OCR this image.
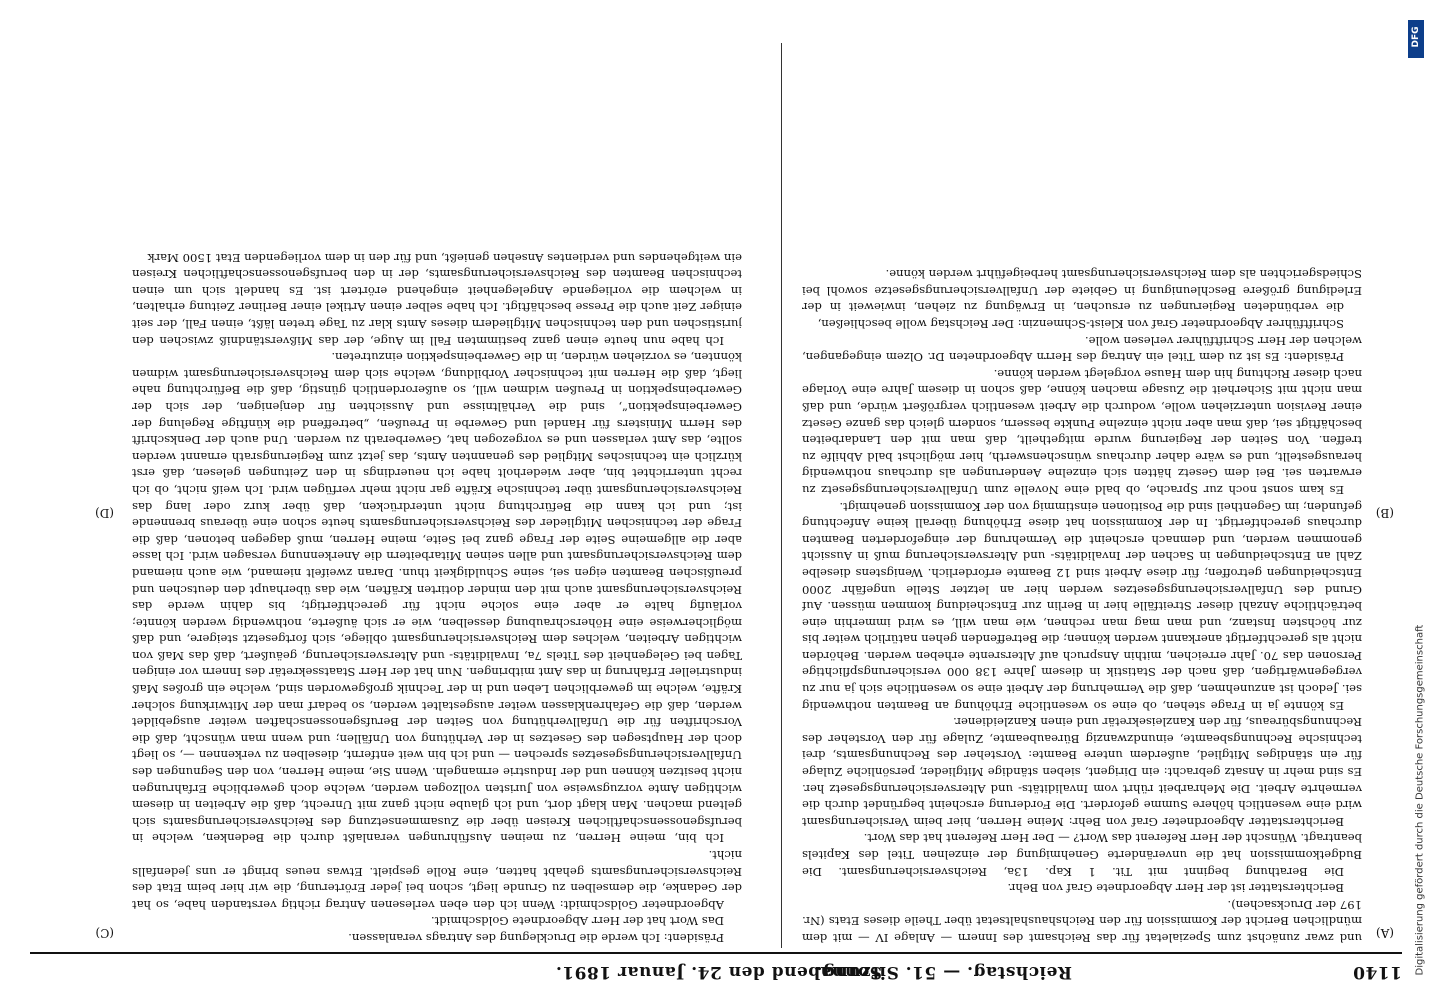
1140
Reichstag. — 51. Sitzung.
Sonnabend den 24. Januar 1891.
(A)
(B)
(C)
(D)

und zwar zunächst zum Spezialetat für das Reichsamt des Innern — Anlage IV — mit dem mündlichen Bericht der Kommission für den Reichshaushaltsetat über Theile dieses Etats (Nr. 197 der Drucksachen).

Berichterstatter ist der Herr Abgeordnete Graf von Behr.

Die Berathung beginnt mit Tit. 1 Kap. 13a, Reichsversicherungsamt. Die Budgetkommission hat die unveränderte Genehmigung der einzelnen Titel des Kapitels beantragt. Wünscht der Herr Referent das Wort? — Der Herr Referent hat das Wort.

Berichterstatter Abgeordneter Graf von Behr: Meine Herren, hier beim Versicherungsamt wird eine wesentlich höhere Summe gefordert. Die Forderung erscheint begründet durch die vermehrte Arbeit. Die Mehrarbeit rührt vom Invaliditäts- und Altersversicherungsgesetz her. Es sind mehr in Ansatz gebracht: ein Dirigent, sieben ständige Mitglieder, persönliche Zulage für ein ständiges Mitglied, außerdem untere Beamte: Vorsteher des Rechnungsamts, drei technische Rechnungsbeamte, einundzwanzig Büreaubeamte, Zulage für den Vorsteher des Rechnungsbüreaus, für den Kanzleisekretär und einen Kanzleidiener.

Es könnte ja in Frage stehen, ob eine so wesentliche Erhöhung an Beamten nothwendig sei. Jedoch ist anzunehmen, daß die Vermehrung der Arbeit eine so wesentliche sich ja nur zu vergegenwärtigen, daß nach der Statistik in diesem Jahre 138 000 versicherungspflichtige Personen das 70. Jahr erreichen, mithin Anspruch auf Altersrente erheben werden. Behörden nicht als gerechtfertigt anerkannt werden können; die Betreffenden gehen natürlich weiter bis zur höchsten Instanz, und man mag man rechnen, wie man will, es wird immerhin eine beträchtliche Anzahl dieser Streitfälle hier in Berlin zur Entscheidung kommen müssen. Auf Grund des Unfallversicherungsgesetzes werden hier an letzter Stelle ungefähr 2000 Entscheidungen getroffen; für diese Arbeit sind 12 Beamte erforderlich. Wenigstens dieselbe Zahl an Entscheidungen in Sachen der Invaliditäts- und Altersversicherung muß in Aussicht genommen werden, und demnach erscheint die Vermehrung der eingeforderten Beamten durchaus gerechtfertigt. In der Kommission hat diese Erhöhung überall keine Anfechtung gefunden; im Gegentheil sind die Positionen einstimmig von der Kommission genehmigt.

Es kam sonst noch zur Sprache, ob bald eine Novelle zum Unfallversicherungsgesetz zu erwarten sei. Bei dem Gesetz hätten sich einzelne Aenderungen als durchaus nothwendig herausgestellt, und es wäre daher durchaus wünschenswerth, hier möglichst bald Abhilfe zu treffen. Von Seiten der Regierung wurde mitgetheilt, daß man mit den Landarbeiten beschäftigt sei, daß man aber nicht einzelne Punkte bessern, sondern gleich das ganze Gesetz einer Revision unterziehen wolle, wodurch die Arbeit wesentlich vergrößert würde, und daß man nicht mit Sicherheit die Zusage machen könne, daß schon in diesem Jahre eine Vorlage nach dieser Richtung hin dem Hause vorgelegt werden könne.

Präsident: Es ist zu dem Titel ein Antrag des Herrn Abgeordneten Dr. Olzem eingegangen, welchen der Herr Schriftführer verlesen wolle.

Schriftführer Abgeordneter Graf von Kleist-Schmenzin: Der Reichstag wolle beschließen,

die verbündeten Regierungen zu ersuchen, in Erwägung zu ziehen, inwieweit in der Erledigung größere Beschleunigung in Gebiete der Unfallversicherungsgesetze sowohl bei Schiedsgerichten als dem Reichsversicherungsamt herbeigeführt werden könne.

Präsident: Ich werde die Drucklegung des Antrags veranlassen.

Das Wort hat der Herr Abgeordnete Goldschmidt.

Abgeordneter Goldschmidt: Wenn ich den eben verlesenen Antrag richtig verstanden habe, so hat der Gedanke, die demselben zu Grunde liegt, schon bei jeder Erörterung, die wir hier beim Etat des Reichsversicherungsamts gehabt hatten, eine Rolle gespielt. Etwas neues bringt er uns jedenfalls nicht.

Ich bin, meine Herren, zu meinen Ausführungen veranlaßt durch die Bedenken, welche in berufsgenossenschaftlichen Kreisen über die Zusammensetzung des Reichsversicherungsamts sich geltend machen. Man klagt dort, und ich glaube nicht ganz mit Unrecht, daß die Arbeiten in diesem wichtigen Amte vorzugsweise von Juristen vollzogen werden, welche doch gewerbliche Erfahrungen nicht besitzen können und der Industrie ermangeln. Wenn Sie, meine Herren, von den Segnungen des Unfallversicherungsgesetzes sprechen — und ich bin weit entfernt, dieselben zu verkennen —, so liegt doch der Hauptsegen des Gesetzes in der Verhütung von Unfällen; und wenn man wünscht, daß die Vorschriften für die Unfallverhütung von Seiten der Berufsgenossenschaften weiter ausgebildet werden, daß die Gefahrenklassen weiter ausgestaltet werden, so bedarf man der Mitwirkung solcher Kräfte, welche im gewerblichen Leben und in der Technik großgeworden sind, welche ein großes Maß industrieller Erfahrung in das Amt mitbringen. Nun hat der Herr Staatssekretär des Innern vor einigen Tagen bei Gelegenheit des Titels 7a, Invaliditäts- und Altersversicherung, geäußert, daß das Maß von wichtigen Arbeiten, welches dem Reichsversicherungsamt obliege, sich fortgesetzt steigere, und daß möglicherweise eine Höherschraubung desselben, wie er sich äußerte, nothwendig werden könnte; vorläufig halte er aber eine solche nicht für gerechtfertigt; bis dahin werde das Reichsversicherungsamt auch mit den minder dotirten Kräften, wie das überhaupt den deutschen und preußischen Beamten eigen sei, seine Schuldigkeit thun. Daran zweifelt niemand, wie auch niemand dem Reichsversicherungsamt und allen seinen Mitarbeitern die Anerkennung versagen wird. Ich lasse aber die allgemeine Seite der Frage ganz bei Seite, meine Herren, muß dagegen betonen, daß die Frage der technischen Mitglieder des Reichsversicherungsamts heute schon eine überaus brennende ist; und ich kann die Befürchtung nicht unterdrücken, daß über kurz oder lang das Reichsversicherungsamt über technische Kräfte gar nicht mehr verfügen wird. Ich weiß nicht, ob ich recht unterrichtet bin, aber wiederholt habe ich neuerdings in den Zeitungen gelesen, daß erst kürzlich ein technisches Mitglied des genannten Amts, das jetzt zum Regierungsrath ernannt werden sollte, das Amt verlassen und es vorgezogen hat, Gewerberath zu werden. Und auch der Denkschrift des Herrn Ministers für Handel und Gewerbe in Preußen, „betreffend die künftige Regelung der Gewerbeinspektion“, sind die Verhältnisse und Aussichten für denjenigen, der sich der Gewerbeinspektion in Preußen widmen will, so außerordentlich günstig, daß die Befürchtung nahe liegt, daß die Herren mit technischer Vorbildung, welche sich dem Reichsversicherungsamt widmen könnten, es vorziehen würden, in die Gewerbeinspektion einzutreten.

Ich habe nun heute einen ganz bestimmten Fall im Auge, der das Mißverständniß zwischen den juristischen und den technischen Mitgliedern dieses Amts klar zu Tage treten läßt, einen Fall, der seit einiger Zeit auch die Presse beschäftigt. Ich habe selber einen Artikel einer Berliner Zeitung erhalten, in welchem die vorliegende Angelegenheit eingehend erörtert ist. Es handelt sich um einen technischen Beamten des Reichsversicherungsamts, der in den berufsgenossenschaftlichen Kreisen ein weitgehendes und verdientes Ansehen genießt, und für den in dem vorliegenden Etat 1500 Mark

DFG
Digitalisierung gefördert durch die Deutsche Forschungsgemeinschaft
